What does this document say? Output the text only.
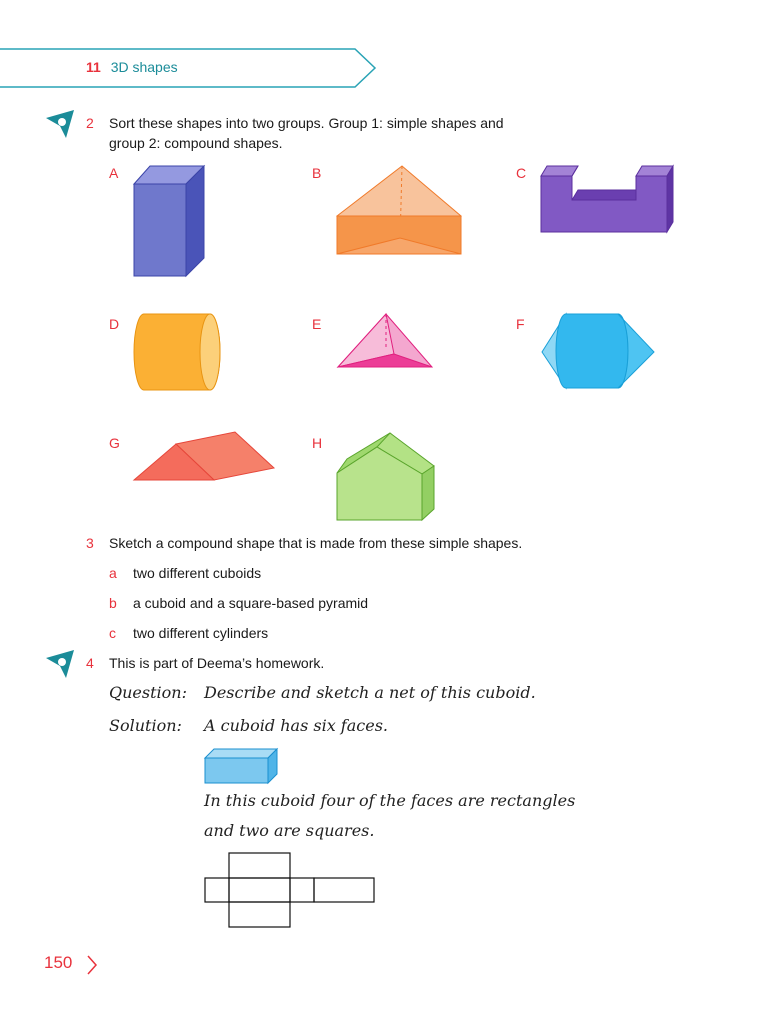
11 3D shapes
2 Sort these shapes into two groups. Group 1: simple shapes and
group 2: compound shapes.
A	B	C
D	E	F
G	H
3 Sketch a compound shape that is made from these simple shapes.
a two different cuboids
b a cuboid and a square-based pyramid
c two different cylinders
4 This is part of Deema’s homework.
Question: Describe and sketch a net of this cuboid.
Solution: A cuboid has six faces.
In this cuboid four of the faces are rectangles
and two are squares.
150
